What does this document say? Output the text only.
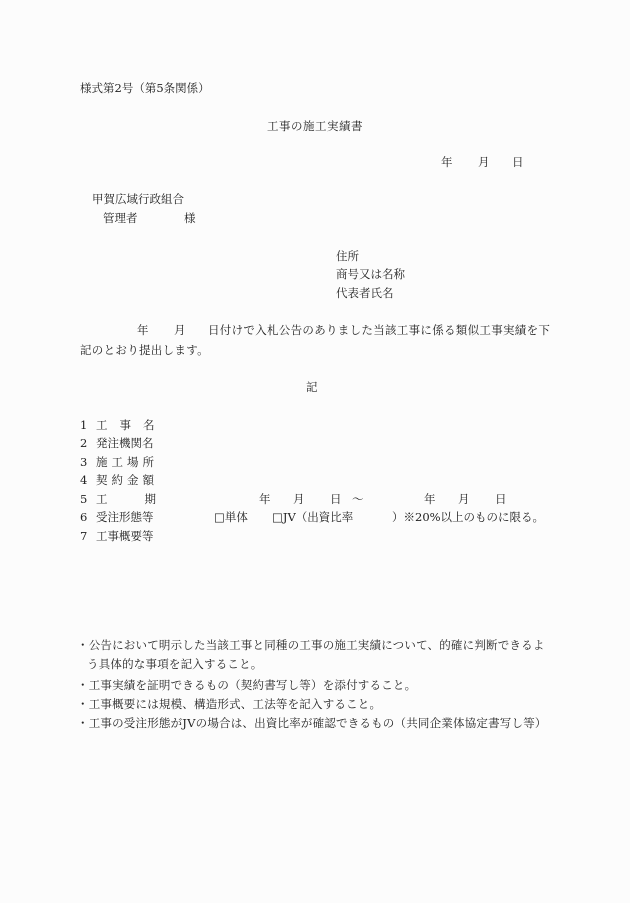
様式第2号（第5条関係）
工事の施工実績書
年 月 日
甲賀広域行政組合
管理者	様
住所
商号又は名称
代表者氏名
年 月 日付けで入札公告のありました当該工事に係る類似工事実績を下
記のとおり提出します。
記
1 工事名
2 発注機関名
3 施工場所
4 契約金額
5 工期	年 月 日 ～	年 月 日
6 受注形態等	□単体 □JV（出資比率	）※20%以上のものに限る。
7 工事概要等
・公告において明示した当該工事と同種の工事の施工実績について、的確に判断できるよ
う具体的な事項を記入すること。
・工事実績を証明できるもの（契約書写し等）を添付すること。
・工事概要には規模、構造形式、工法等を記入すること。
・工事の受注形態がJVの場合は、出資比率が確認できるもの（共同企業体協定書写し等）
